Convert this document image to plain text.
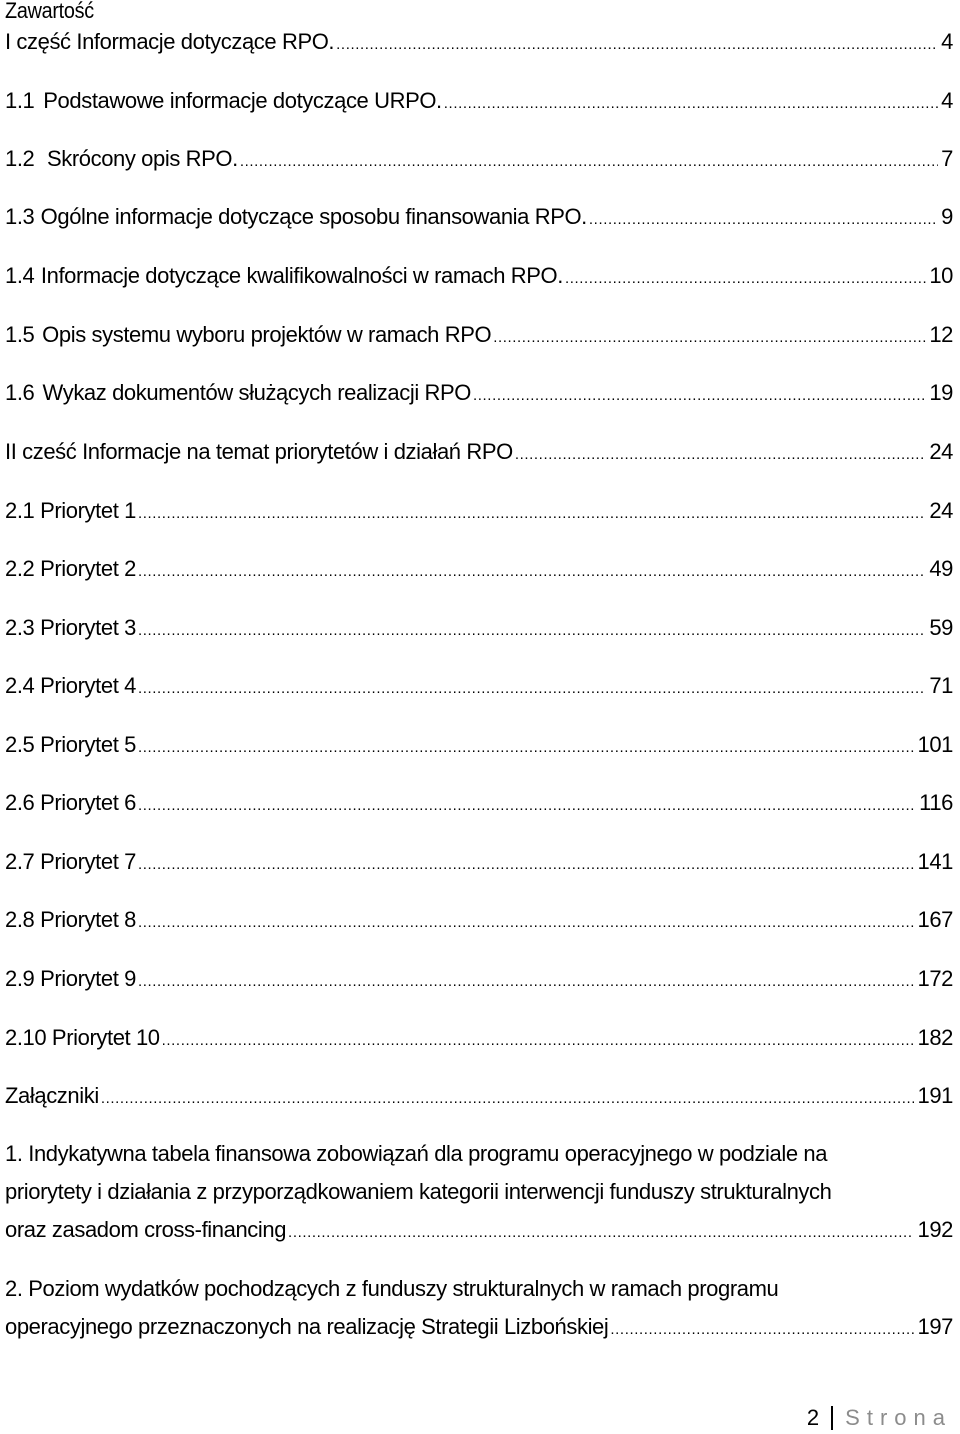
Zawartość
I część Informacje dotyczące RPO. .....	4
1.1 Podstawowe informacje dotyczące URPO. .....	4
1.2 Skrócony opis RPO. .....	7
1.3 Ogólne informacje dotyczące sposobu finansowania RPO. .....	9
1.4 Informacje dotyczące kwalifikowalności w ramach RPO. .....	10
1.5 Opis systemu wyboru projektów w ramach RPO .....	12
1.6 Wykaz dokumentów służących realizacji RPO .....	19
II cześć Informacje na temat priorytetów i działań RPO .....	24
2.1 Priorytet 1 .....	24
2.2 Priorytet 2 .....	49
2.3 Priorytet 3 .....	59
2.4 Priorytet 4 .....	71
2.5 Priorytet 5 .....	101
2.6 Priorytet 6 .....	116
2.7 Priorytet 7 .....	141
2.8 Priorytet 8 .....	167
2.9 Priorytet 9 .....	172
2.10 Priorytet 10 .....	182
Załączniki .....	191
1. Indykatywna tabela finansowa zobowiązań dla programu operacyjnego w podziale na
priorytety i działania z przyporządkowaniem kategorii interwencji funduszy strukturalnych
oraz zasadom cross-financing .....	192
2. Poziom wydatków pochodzących z funduszy strukturalnych w ramach programu
operacyjnego przeznaczonych na realizację Strategii Lizbońskiej .....	197
2 Strona
